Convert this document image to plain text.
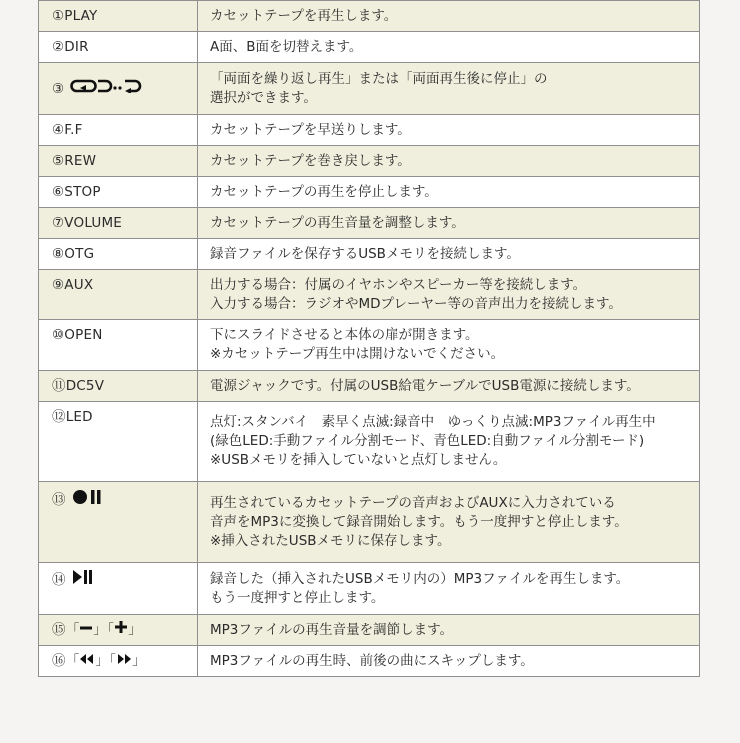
①PLAY	カセットテープを再生します。
②DIR	A面、B面を切替えます。
③	「両面を繰り返し再生」または「両面再生後に停止」の
選択ができます。
④F.F	カセットテープを早送りします。
⑤REW	カセットテープを巻き戻します。
⑥STOP	カセットテープの再生を停止します。
⑦VOLUME	カセットテープの再生音量を調整します。
⑧OTG	録音ファイルを保存するUSBメモリを接続します。
⑨AUX	出力する場合：付属のイヤホンやスピーカー等を接続します。
入力する場合：ラジオやMDプレーヤー等の音声出力を接続します。
⑩OPEN	下にスライドさせると本体の扉が開きます。
※カセットテープ再生中は開けないでください。
⑪DC5V	電源ジャックです。付属のUSB給電ケーブルでUSB電源に接続します。
⑫LED	点灯:スタンバイ　素早く点滅:録音中　ゆっくり点滅:MP3ファイル再生中
(緑色LED:手動ファイル分割モード、青色LED:自動ファイル分割モード)
※USBメモリを挿入していないと点灯しません。
⑬	再生されているカセットテープの音声およびAUXに入力されている
音声をMP3に変換して録音開始します。もう一度押すと停止します。
※挿入されたUSBメモリに保存します。
⑭	録音した（挿入されたUSBメモリ内の）MP3ファイルを再生します。
もう一度押すと停止します。
⑮「 」「 」	MP3ファイルの再生音量を調節します。
⑯「 」「 」	MP3ファイルの再生時、前後の曲にスキップします。
